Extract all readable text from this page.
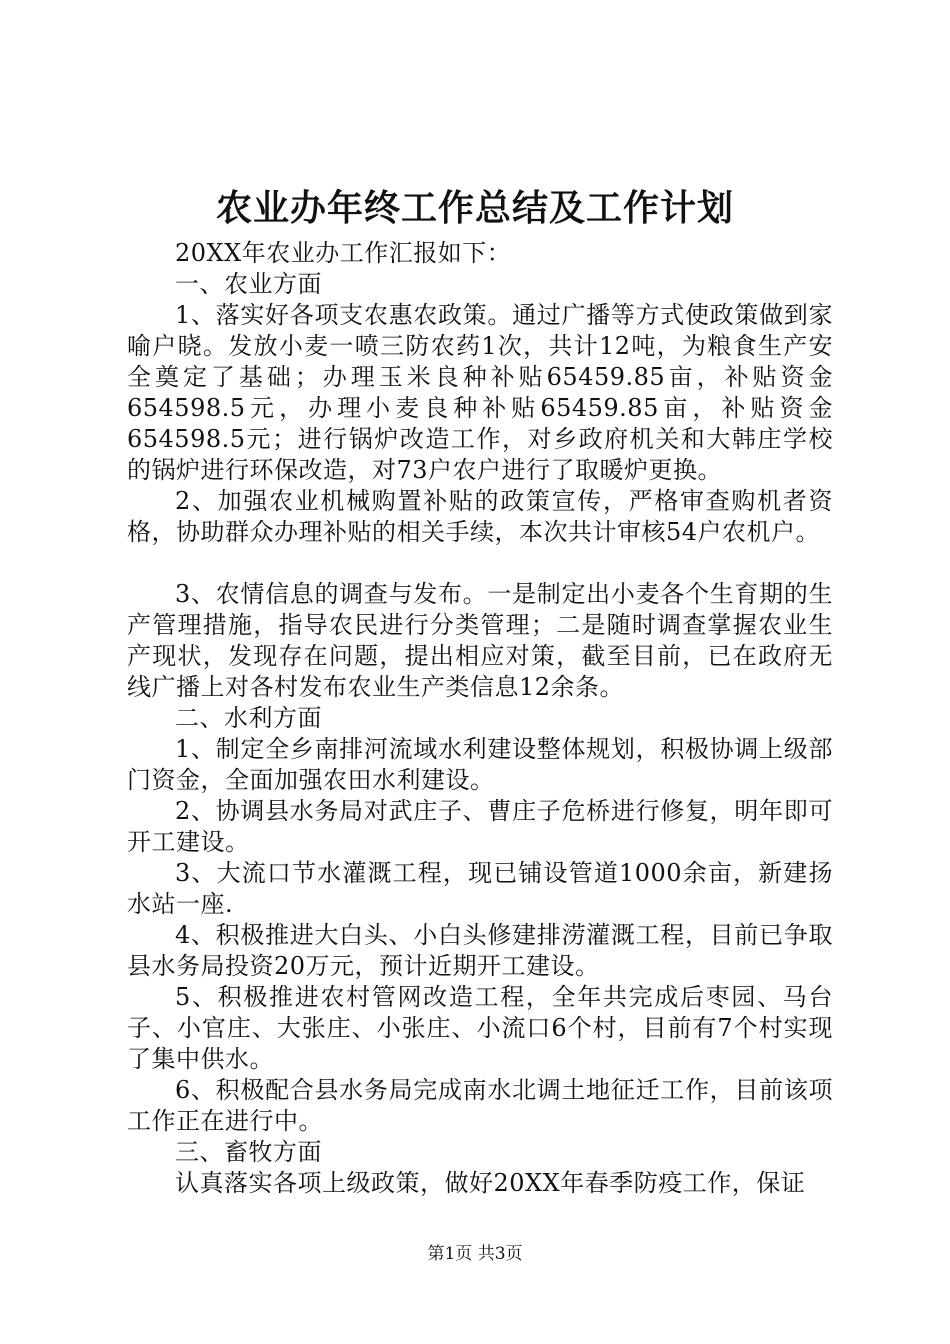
农业办年终工作总结及工作计划

20XX年农业办工作汇报如下：

一、农业方面

1、落实好各项支农惠农政策。通过广播等方式使政策做到家喻户晓。发放小麦一喷三防农药1次，共计12吨，为粮食生产安全奠定了基础；办理玉米良种补贴65459.85亩，补贴资金654598.5元，办理小麦良种补贴65459.85亩，补贴资金654598.5元；进行锅炉改造工作，对乡政府机关和大韩庄学校的锅炉进行环保改造，对73户农户进行了取暖炉更换。

2、加强农业机械购置补贴的政策宣传，严格审查购机者资格，协助群众办理补贴的相关手续，本次共计审核54户农机户。

3、农情信息的调查与发布。一是制定出小麦各个生育期的生产管理措施，指导农民进行分类管理；二是随时调查掌握农业生产现状，发现存在问题，提出相应对策，截至目前，已在政府无线广播上对各村发布农业生产类信息12余条。

二、水利方面

1、制定全乡南排河流域水利建设整体规划，积极协调上级部门资金，全面加强农田水利建设。

2、协调县水务局对武庄子、曹庄子危桥进行修复，明年即可开工建设。

3、大流口节水灌溉工程，现已铺设管道1000余亩，新建扬水站一座.

4、积极推进大白头、小白头修建排涝灌溉工程，目前已争取县水务局投资20万元，预计近期开工建设。

5、积极推进农村管网改造工程，全年共完成后枣园、马台子、小官庄、大张庄、小张庄、小流口6个村，目前有7个村实现了集中供水。

6、积极配合县水务局完成南水北调土地征迁工作，目前该项工作正在进行中。

三、畜牧方面

认真落实各项上级政策，做好20XX年春季防疫工作，保证

第1页 共3页
